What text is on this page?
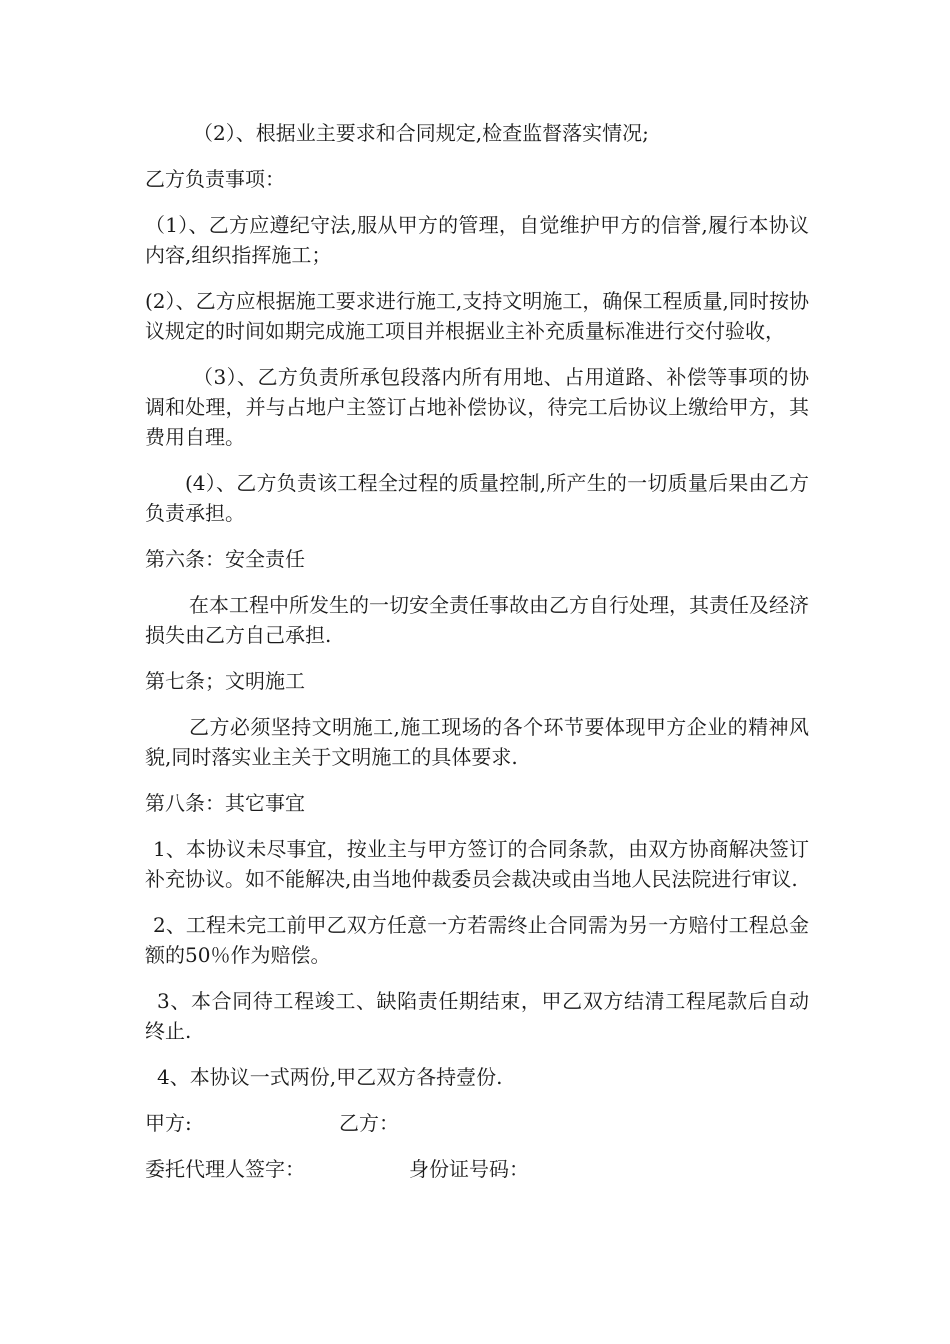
（2）、根据业主要求和合同规定,检查监督落实情况;

乙方负责事项：

（1）、乙方应遵纪守法,服从甲方的管理，自觉维护甲方的信誉,履行本协议内容,组织指挥施工；

(2）、乙方应根据施工要求进行施工,支持文明施工，确保工程质量,同时按协议规定的时间如期完成施工项目并根据业主补充质量标准进行交付验收，

（3）、乙方负责所承包段落内所有用地、占用道路、补偿等事项的协调和处理，并与占地户主签订占地补偿协议，待完工后协议上缴给甲方，其费用自理。

(4）、乙方负责该工程全过程的质量控制,所产生的一切质量后果由乙方负责承担。

第六条：安全责任

在本工程中所发生的一切安全责任事故由乙方自行处理，其责任及经济损失由乙方自己承担.

第七条；文明施工

乙方必须坚持文明施工,施工现场的各个环节要体现甲方企业的精神风貌,同时落实业主关于文明施工的具体要求.

第八条：其它事宜

1、本协议未尽事宜，按业主与甲方签订的合同条款，由双方协商解决签订补充协议。如不能解决,由当地仲裁委员会裁决或由当地人民法院进行审议.

2、工程未完工前甲乙双方任意一方若需终止合同需为另一方赔付工程总金额的50％作为赔偿。

3、本合同待工程竣工、缺陷责任期结束，甲乙双方结清工程尾款后自动终止.

4、本协议一式两份,甲乙双方各持壹份.

甲方:	乙方：
委托代理人签字：	身份证号码：
